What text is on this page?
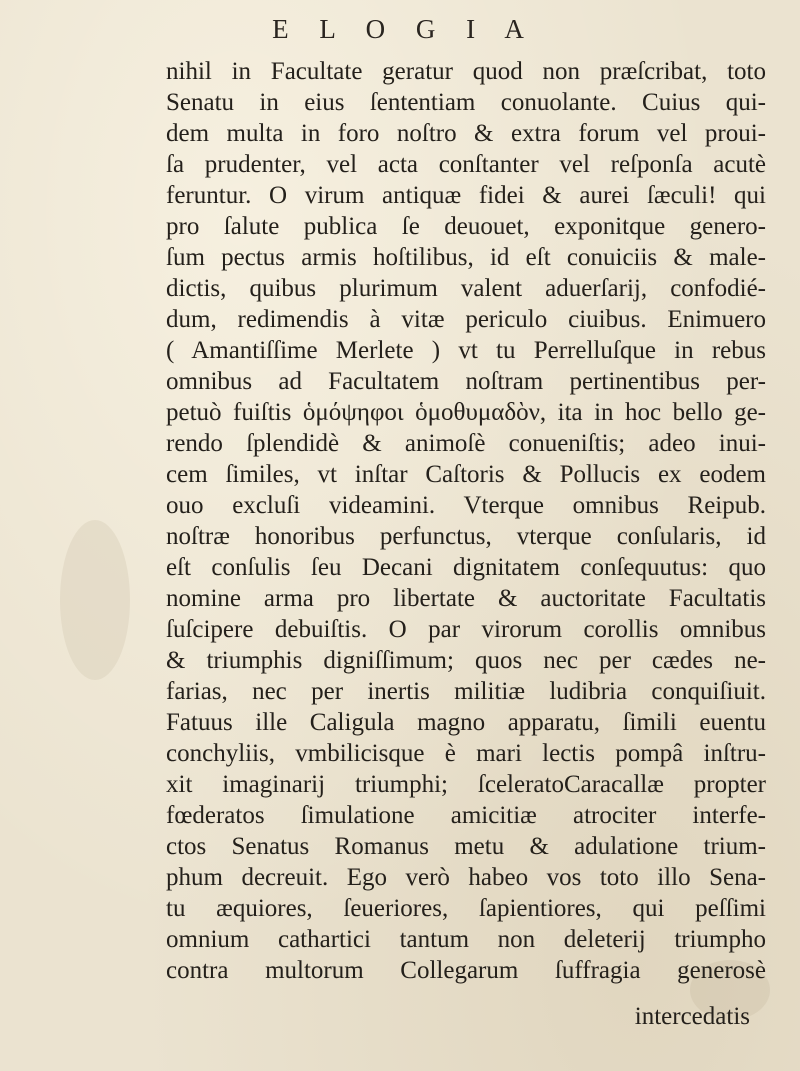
E L O G I A
nihil in Facultate geratur quod non præſcribat, toto
Senatu in eius ſententiam conuolante. Cuius qui-
dem multa in foro noſtro & extra forum vel proui-
ſa prudenter, vel acta conſtanter vel reſponſa acutè
feruntur. O virum antiquæ fidei & aurei ſæculi! qui
pro ſalute publica ſe deuouet, exponitque genero-
ſum pectus armis hoſtilibus, id eſt conuiciis & male-
dictis, quibus plurimum valent aduerſarij, confodié-
dum, redimendis à vitæ periculo ciuibus. Enimuero
( Amantiſſime Merlete ) vt tu Perrelluſque in rebus
omnibus ad Facultatem noſtram pertinentibus per-
petuò fuiſtis ὁμόψηφοι ὁμοθυμαδὸν, ita in hoc bello ge-
rendo ſplendidè & animoſè conueniſtis; adeo inui-
cem ſimiles, vt inſtar Caſtoris & Pollucis ex eodem
ouo excluſi videamini. Vterque omnibus Reipub.
noſtræ honoribus perfunctus, vterque conſularis, id
eſt conſulis ſeu Decani dignitatem conſequutus: quo
nomine arma pro libertate & auctoritate Facultatis
ſuſcipere debuiſtis. O par virorum corollis omnibus
& triumphis digniſſimum; quos nec per cædes ne-
farias, nec per inertis militiæ ludibria conquiſiuit.
Fatuus ille Caligula magno apparatu, ſimili euentu
conchyliis, vmbilicisque è mari lectis pompâ inſtru-
xit imaginarij triumphi; ſceleratoCaracallæ propter
fœderatos ſimulatione amicitiæ atrociter interfe-
ctos Senatus Romanus metu & adulatione trium-
phum decreuit. Ego verò habeo vos toto illo Sena-
tu æquiores, ſeueriores, ſapientiores, qui peſſimi
omnium cathartici tantum non deleterij triumpho
contra multorum Collegarum ſuffragia generosè
intercedatis
